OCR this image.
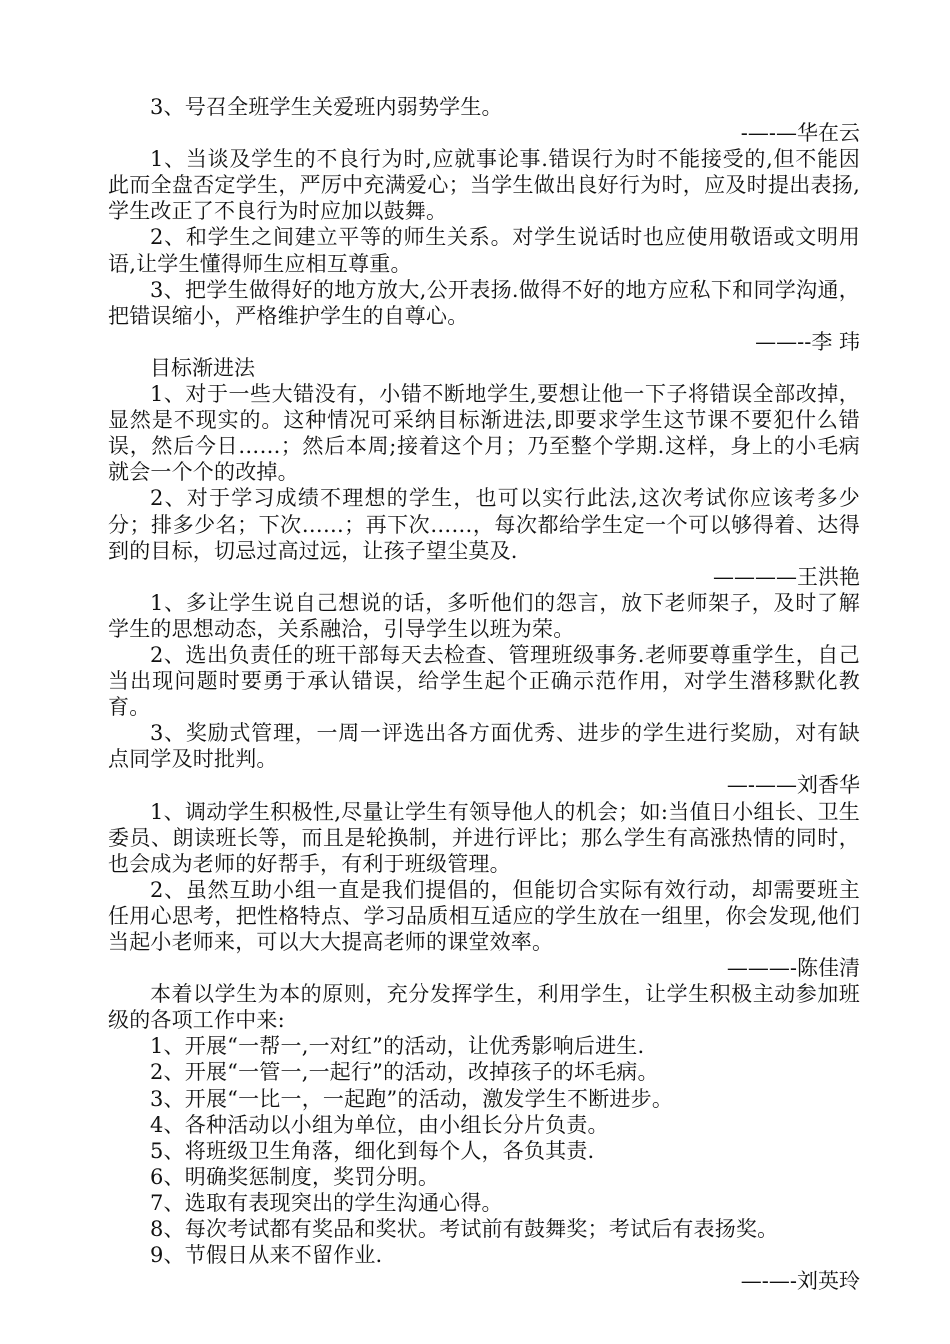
3、号召全班学生关爱班内弱势学生。

-—-—华在云

1、当谈及学生的不良行为时,应就事论事.错误行为时不能接受的,但不能因此而全盘否定学生，严厉中充满爱心；当学生做出良好行为时，应及时提出表扬,学生改正了不良行为时应加以鼓舞。

2、和学生之间建立平等的师生关系。对学生说话时也应使用敬语或文明用语,让学生懂得师生应相互尊重。

3、把学生做得好的地方放大,公开表扬.做得不好的地方应私下和同学沟通，把错误缩小，严格维护学生的自尊心。

——--李 玮

目标渐进法

1、对于一些大错没有，小错不断地学生,要想让他一下子将错误全部改掉，显然是不现实的。这种情况可采纳目标渐进法,即要求学生这节课不要犯什么错误，然后今日……；然后本周;接着这个月；乃至整个学期.这样，身上的小毛病就会一个个的改掉。

2、对于学习成绩不理想的学生，也可以实行此法,这次考试你应该考多少分；排多少名；下次……；再下次……，每次都给学生定一个可以够得着、达得到的目标，切忌过高过远，让孩子望尘莫及.

————王洪艳

1、多让学生说自己想说的话，多听他们的怨言，放下老师架子，及时了解学生的思想动态，关系融洽，引导学生以班为荣。

2、选出负责任的班干部每天去检查、管理班级事务.老师要尊重学生，自己当出现问题时要勇于承认错误，给学生起个正确示范作用，对学生潜移默化教育。

3、奖励式管理，一周一评选出各方面优秀、进步的学生进行奖励，对有缺点同学及时批判。

—-——刘香华

1、调动学生积极性,尽量让学生有领导他人的机会；如:当值日小组长、卫生委员、朗读班长等，而且是轮换制，并进行评比；那么学生有高涨热情的同时，也会成为老师的好帮手，有利于班级管理。

2、虽然互助小组一直是我们提倡的，但能切合实际有效行动，却需要班主任用心思考，把性格特点、学习品质相互适应的学生放在一组里，你会发现,他们当起小老师来，可以大大提高老师的课堂效率。

———-陈佳清

本着以学生为本的原则，充分发挥学生，利用学生，让学生积极主动参加班级的各项工作中来:

1、开展“一帮一,一对红”的活动，让优秀影响后进生.

2、开展“一管一,一起行”的活动，改掉孩子的坏毛病。

3、开展“一比一，一起跑”的活动，激发学生不断进步。

4、各种活动以小组为单位，由小组长分片负责。

5、将班级卫生角落，细化到每个人，各负其责.

6、明确奖惩制度，奖罚分明。

7、选取有表现突出的学生沟通心得。

8、每次考试都有奖品和奖状。考试前有鼓舞奖；考试后有表扬奖。

9、节假日从来不留作业.

—-—-刘英玲
